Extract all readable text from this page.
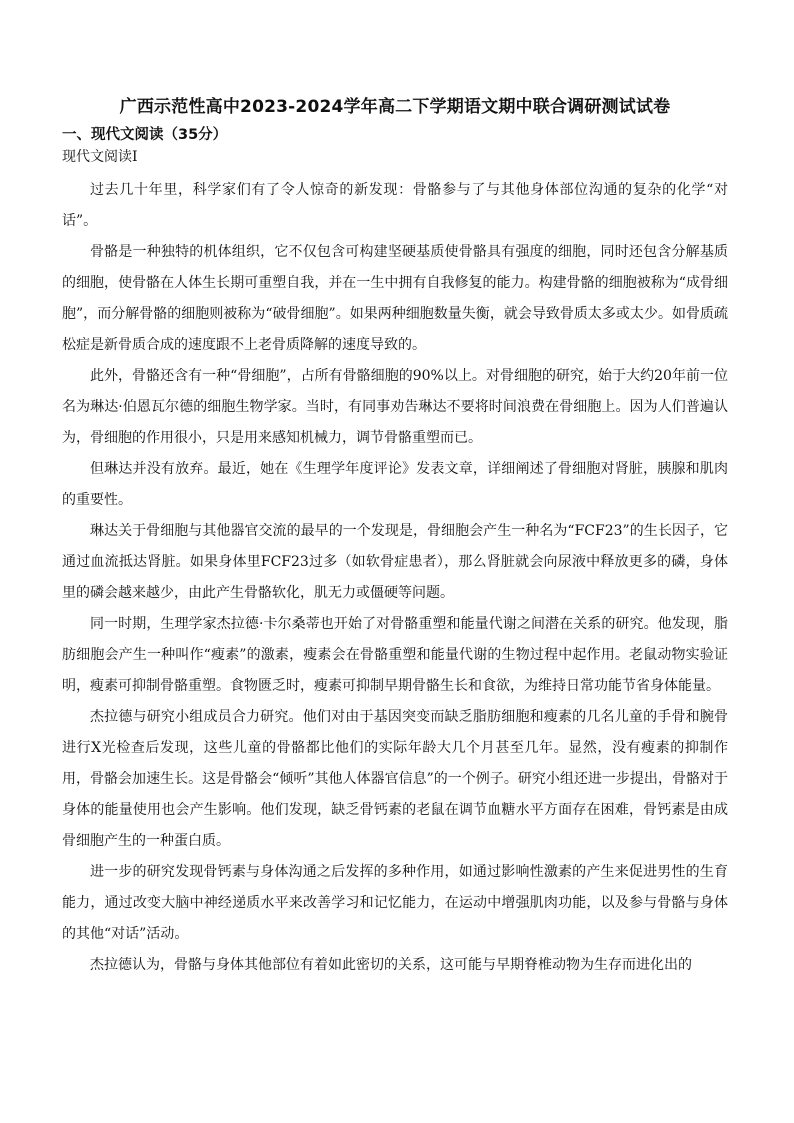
广西示范性高中2023-2024学年高二下学期语文期中联合调研测试试卷
一、现代文阅读（35分）
现代文阅读Ⅰ

过去几十年里，科学家们有了令人惊奇的新发现：骨骼参与了与其他身体部位沟通的复杂的化学“对话”。

骨骼是一种独特的机体组织，它不仅包含可构建坚硬基质使骨骼具有强度的细胞，同时还包含分解基质的细胞，使骨骼在人体生长期可重塑自我，并在一生中拥有自我修复的能力。构建骨骼的细胞被称为“成骨细胞”，而分解骨骼的细胞则被称为“破骨细胞”。如果两种细胞数量失衡，就会导致骨质太多或太少。如骨质疏松症是新骨质合成的速度跟不上老骨质降解的速度导致的。

此外，骨骼还含有一种“骨细胞”，占所有骨骼细胞的90%以上。对骨细胞的研究，始于大约20年前一位名为琳达·伯恩瓦尔德的细胞生物学家。当时，有同事劝告琳达不要将时间浪费在骨细胞上。因为人们普遍认为，骨细胞的作用很小，只是用来感知机械力，调节骨骼重塑而已。

但琳达并没有放弃。最近，她在《生理学年度评论》发表文章，详细阐述了骨细胞对肾脏，胰腺和肌肉的重要性。

琳达关于骨细胞与其他器官交流的最早的一个发现是，骨细胞会产生一种名为“FCF23”的生长因子，它通过血流抵达肾脏。如果身体里FCF23过多（如软骨症患者），那么肾脏就会向尿液中释放更多的磷，身体里的磷会越来越少，由此产生骨骼软化，肌无力或僵硬等问题。

同一时期，生理学家杰拉德·卡尔桑蒂也开始了对骨骼重塑和能量代谢之间潜在关系的研究。他发现，脂肪细胞会产生一种叫作“瘦素”的激素，瘦素会在骨骼重塑和能量代谢的生物过程中起作用。老鼠动物实验证明，瘦素可抑制骨骼重塑。食物匮乏时，瘦素可抑制早期骨骼生长和食欲，为维持日常功能节省身体能量。

杰拉德与研究小组成员合力研究。他们对由于基因突变而缺乏脂肪细胞和瘦素的几名儿童的手骨和腕骨进行X光检查后发现，这些儿童的骨骼都比他们的实际年龄大几个月甚至几年。显然，没有瘦素的抑制作用，骨骼会加速生长。这是骨骼会“倾听”其他人体器官信息”的一个例子。研究小组还进一步提出，骨骼对于身体的能量使用也会产生影响。他们发现，缺乏骨钙素的老鼠在调节血糖水平方面存在困难，骨钙素是由成骨细胞产生的一种蛋白质。

进一步的研究发现骨钙素与身体沟通之后发挥的多种作用，如通过影响性激素的产生来促进男性的生育能力，通过改变大脑中神经递质水平来改善学习和记忆能力，在运动中增强肌肉功能，以及参与骨骼与身体的其他“对话”活动。

杰拉德认为，骨骼与身体其他部位有着如此密切的关系，这可能与早期脊椎动物为生存而进化出的
